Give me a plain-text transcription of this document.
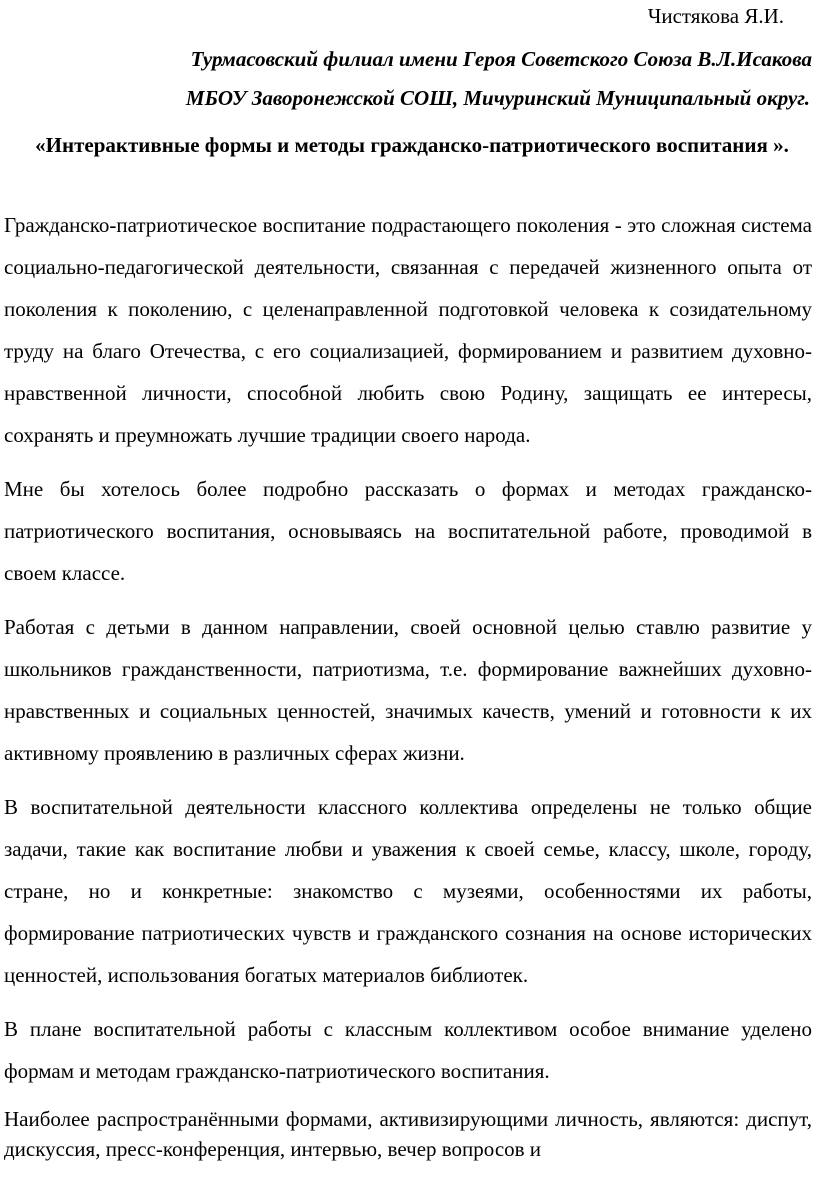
Чистякова Я.И.
Турмасовский филиал имени Героя Советского Союза В.Л.Исакова
МБОУ Заворонежской СОШ, Мичуринский Муниципальный округ.
«Интерактивные формы и методы гражданско-патриотического воспитания ».

Гражданско-патриотическое воспитание подрастающего поколения - это сложная система социально-педагогической деятельности, связанная с передачей жизненного опыта от поколения к поколению, с целенаправленной подготовкой человека к созидательному труду на благо Отечества, с его социализацией, формированием и развитием духовно-нравственной личности, способной любить свою Родину, защищать ее интересы, сохранять и преумножать лучшие традиции своего народа.

Мне бы хотелось более подробно рассказать о формах и методах гражданско-патриотического воспитания, основываясь на воспитательной работе, проводимой в своем классе.

Работая с детьми в данном направлении, своей основной целью ставлю развитие у школьников гражданственности, патриотизма, т.е. формирование важнейших духовно-нравственных и социальных ценностей, значимых качеств, умений и готовности к их активному проявлению в различных сферах жизни.

В воспитательной деятельности классного коллектива определены не только общие задачи, такие как воспитание любви и уважения к своей семье, классу, школе, городу, стране, но и конкретные: знакомство с музеями, особенностями их работы, формирование патриотических чувств и гражданского сознания на основе исторических ценностей, использования богатых материалов библиотек.

В плане воспитательной работы с классным коллективом особое внимание уделено формам и методам гражданско-патриотического воспитания.

Наиболее распространёнными формами, активизирующими личность, являются: диспут, дискуссия, пресс-конференция, интервью, вечер вопросов и
